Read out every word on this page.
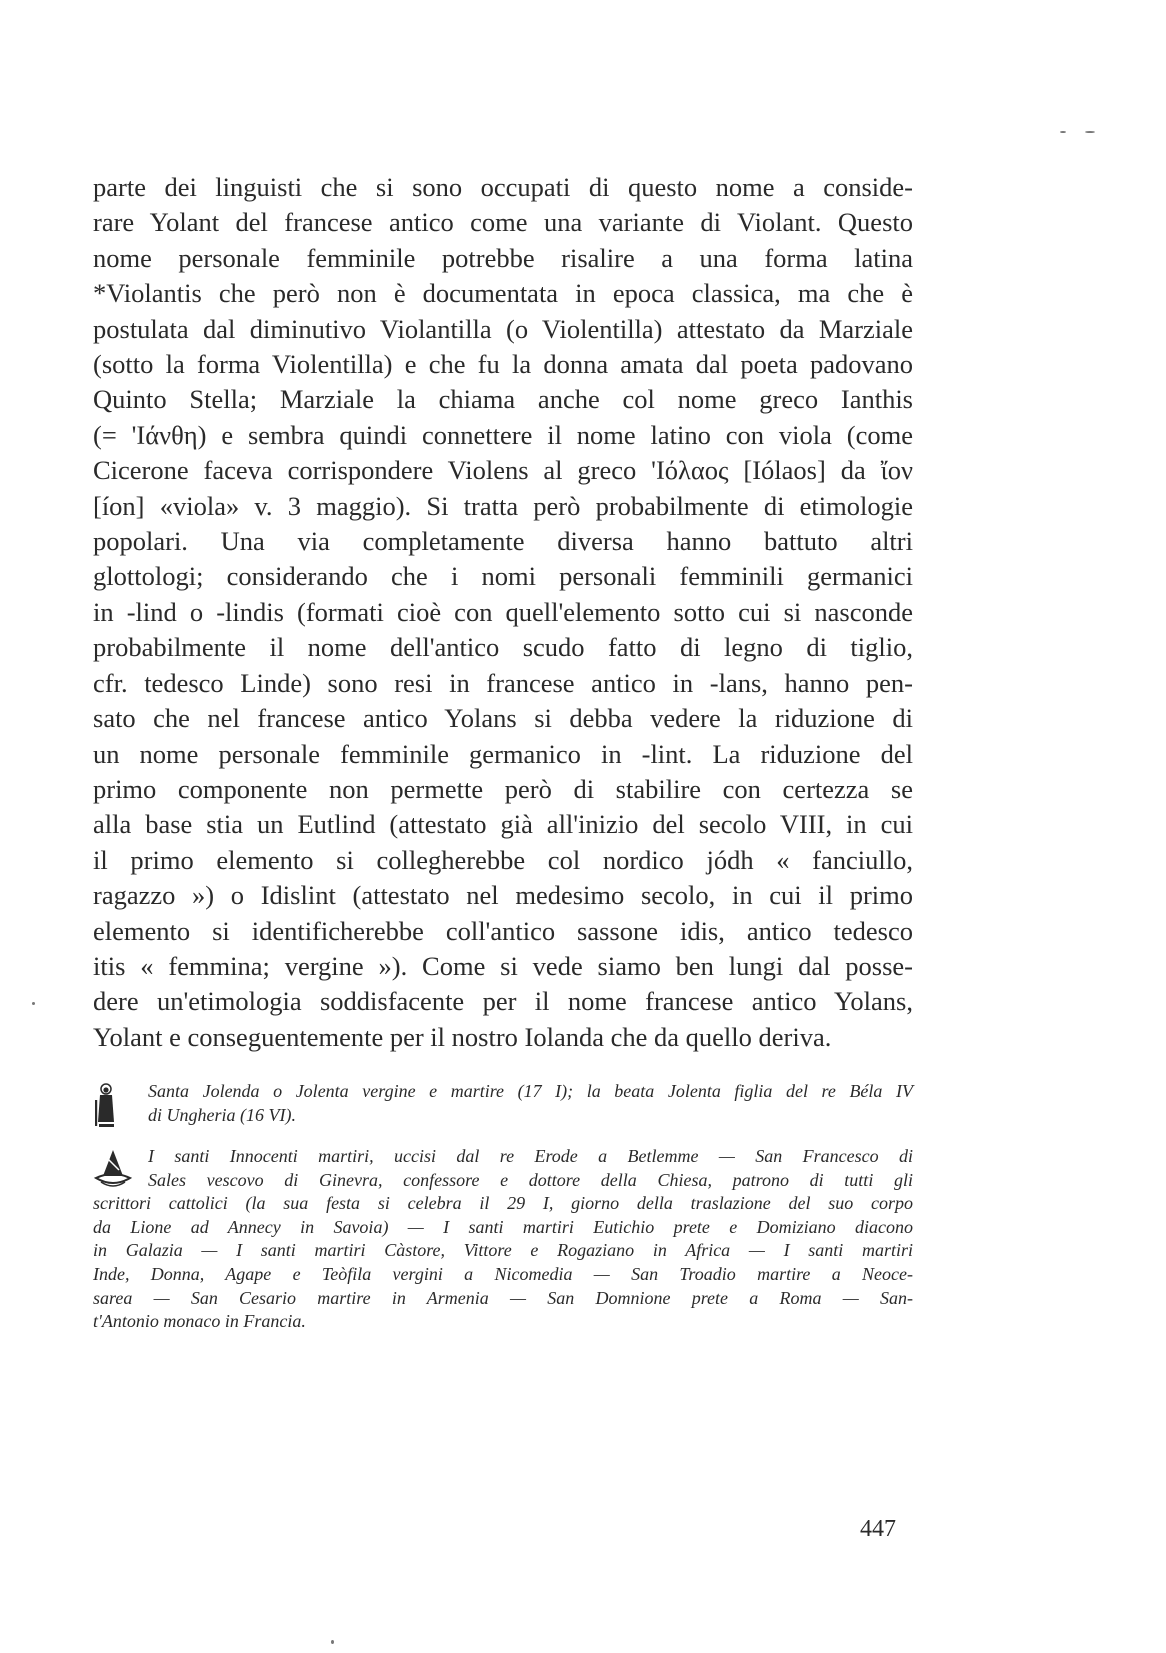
parte dei linguisti che si sono occupati di questo nome a conside-
rare Yolant del francese antico come una variante di Violant. Questo
nome personale femminile potrebbe risalire a una forma latina
*Violantis che però non è documentata in epoca classica, ma che è
postulata dal diminutivo Violantilla (o Violentilla) attestato da Marziale
(sotto la forma Violentilla) e che fu la donna amata dal poeta padovano
Quinto Stella; Marziale la chiama anche col nome greco Ianthis
(= 'Ιάνθη) e sembra quindi connettere il nome latino con viola (come
Cicerone faceva corrispondere Violens al greco 'Ιόλαος [Iólaos] da ἴον
[íon] «viola» v. 3 maggio). Si tratta però probabilmente di etimologie
popolari. Una via completamente diversa hanno battuto altri
glottologi; considerando che i nomi personali femminili germanici
in -lind o -lindis (formati cioè con quell'elemento sotto cui si nasconde
probabilmente il nome dell'antico scudo fatto di legno di tiglio,
cfr. tedesco Linde) sono resi in francese antico in -lans, hanno pen-
sato che nel francese antico Yolans si debba vedere la riduzione di
un nome personale femminile germanico in -lint. La riduzione del
primo componente non permette però di stabilire con certezza se
alla base stia un Eutlind (attestato già all'inizio del secolo VIII, in cui
il primo elemento si collegherebbe col nordico jódh « fanciullo,
ragazzo ») o Idislint (attestato nel medesimo secolo, in cui il primo
elemento si identificherebbe coll'antico sassone idis, antico tedesco
itis « femmina; vergine »). Come si vede siamo ben lungi dal posse-
dere un'etimologia soddisfacente per il nome francese antico Yolans,
Yolant e conseguentemente per il nostro Iolanda che da quello deriva.
Santa Jolenda o Jolenta vergine e martire (17 I); la beata Jolenta figlia del re Béla IV
di Ungheria (16 VI).
I santi Innocenti martiri, uccisi dal re Erode a Betlemme — San Francesco di
Sales vescovo di Ginevra, confessore e dottore della Chiesa, patrono di tutti gli
scrittori cattolici (la sua festa si celebra il 29 I, giorno della traslazione del suo corpo
da Lione ad Annecy in Savoia) — I santi martiri Eutichio prete e Domiziano diacono
in Galazia — I santi martiri Càstore, Vittore e Rogaziano in Africa — I santi martiri
Inde, Donna, Agape e Teòfila vergini a Nicomedia — San Troadio martire a Neoce-
sarea — San Cesario martire in Armenia — San Domnione prete a Roma — San-
t'Antonio monaco in Francia.
447
